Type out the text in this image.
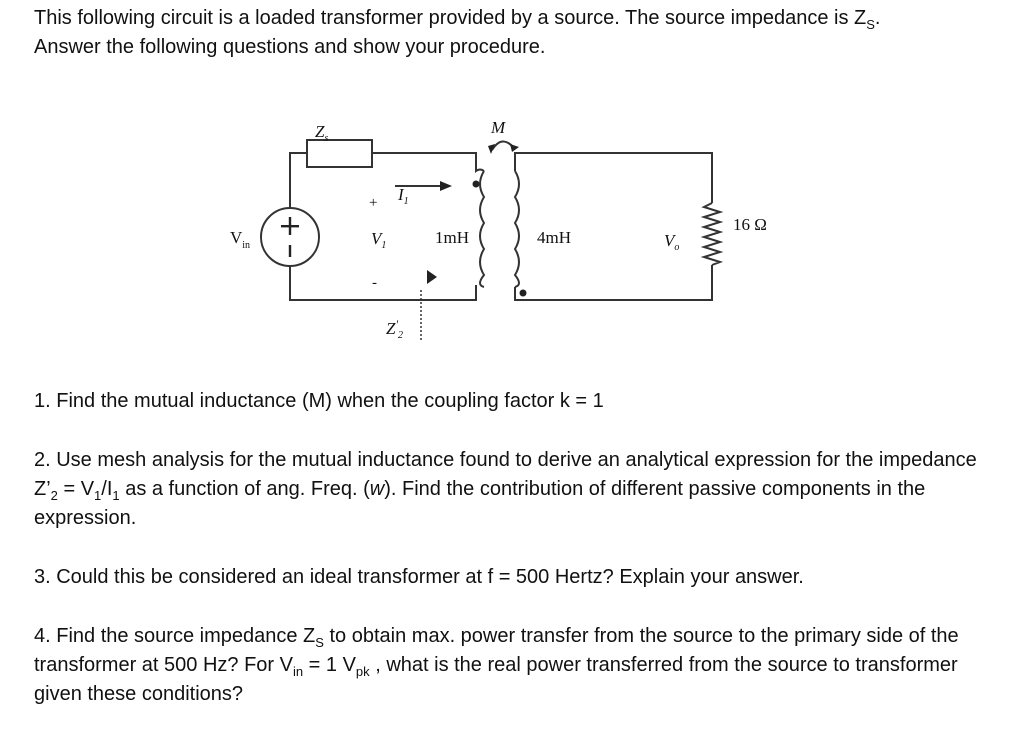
This following circuit is a loaded transformer provided by a source. The source impedance is $Z_S$.

Answer the following questions and show your procedure.

$Z_s$
M
+ $I_1$
$V_{in}$	$V_1$
-
1mH	4mH	$V_o$
16 Ω
$Z'_2$

1. Find the mutual inductance (M) when the coupling factor k = 1

2. Use mesh analysis for the mutual inductance found to derive an analytical expression for the impedance $Z’_2 = V_1/I_1$ as a function of ang. Freq. (w). Find the contribution of different passive components in the expression.

3. Could this be considered an ideal transformer at f = 500 Hertz? Explain your answer.

4. Find the source impedance $Z_S$ to obtain max. power transfer from the source to the primary side of the transformer at 500 Hz? For $V_{in} = 1$ $V_{pk}$ , what is the real power transferred from the source to transformer given these conditions?
